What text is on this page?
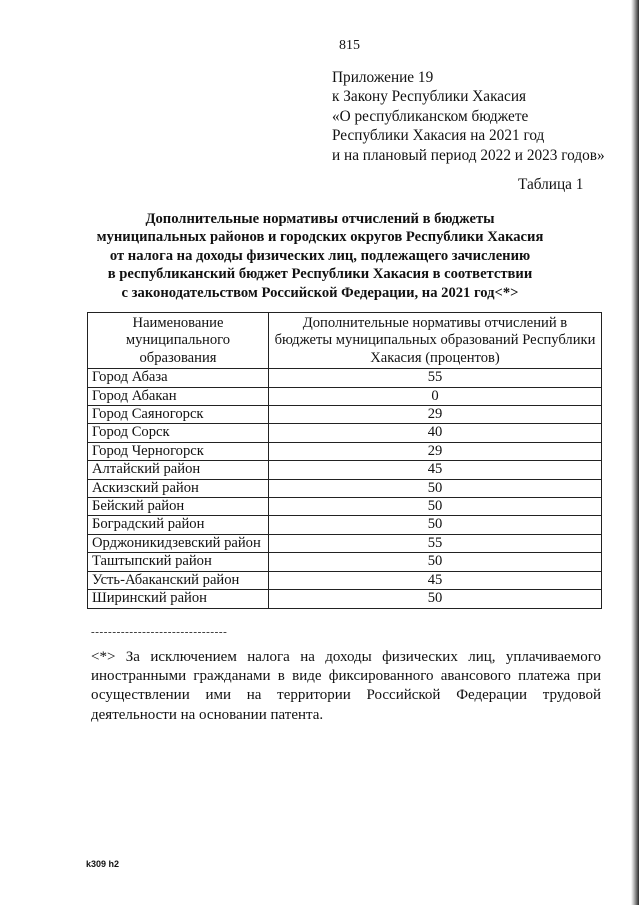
815
Приложение 19
к Закону Республики Хакасия
«О республиканском бюджете
Республики Хакасия на 2021 год
и на плановый период 2022 и 2023 годов»
Таблица 1
Дополнительные нормативы отчислений в бюджеты
муниципальных районов и городских округов Республики Хакасия
от налога на доходы физических лиц, подлежащего зачислению
в республиканский бюджет Республики Хакасия в соответствии
с законодательством Российской Федерации, на 2021 год<*>
Наименование муниципального образования	Дополнительные нормативы отчислений в бюджеты муниципальных образований Республики Хакасия (процентов)
Город Абаза	55
Город Абакан	0
Город Саяногорск	29
Город Сорск	40
Город Черногорск	29
Алтайский район	45
Аскизский район	50
Бейский район	50
Боградский район	50
Орджоникидзевский район	55
Таштыпский район	50
Усть-Абаканский район	45
Ширинский район	50
--------------------------------
<*> За исключением налога на доходы физических лиц, уплачиваемого иностранными гражданами в виде фиксированного авансового платежа при осуществлении ими на территории Российской Федерации трудовой деятельности на основании патента.
k309 h2
